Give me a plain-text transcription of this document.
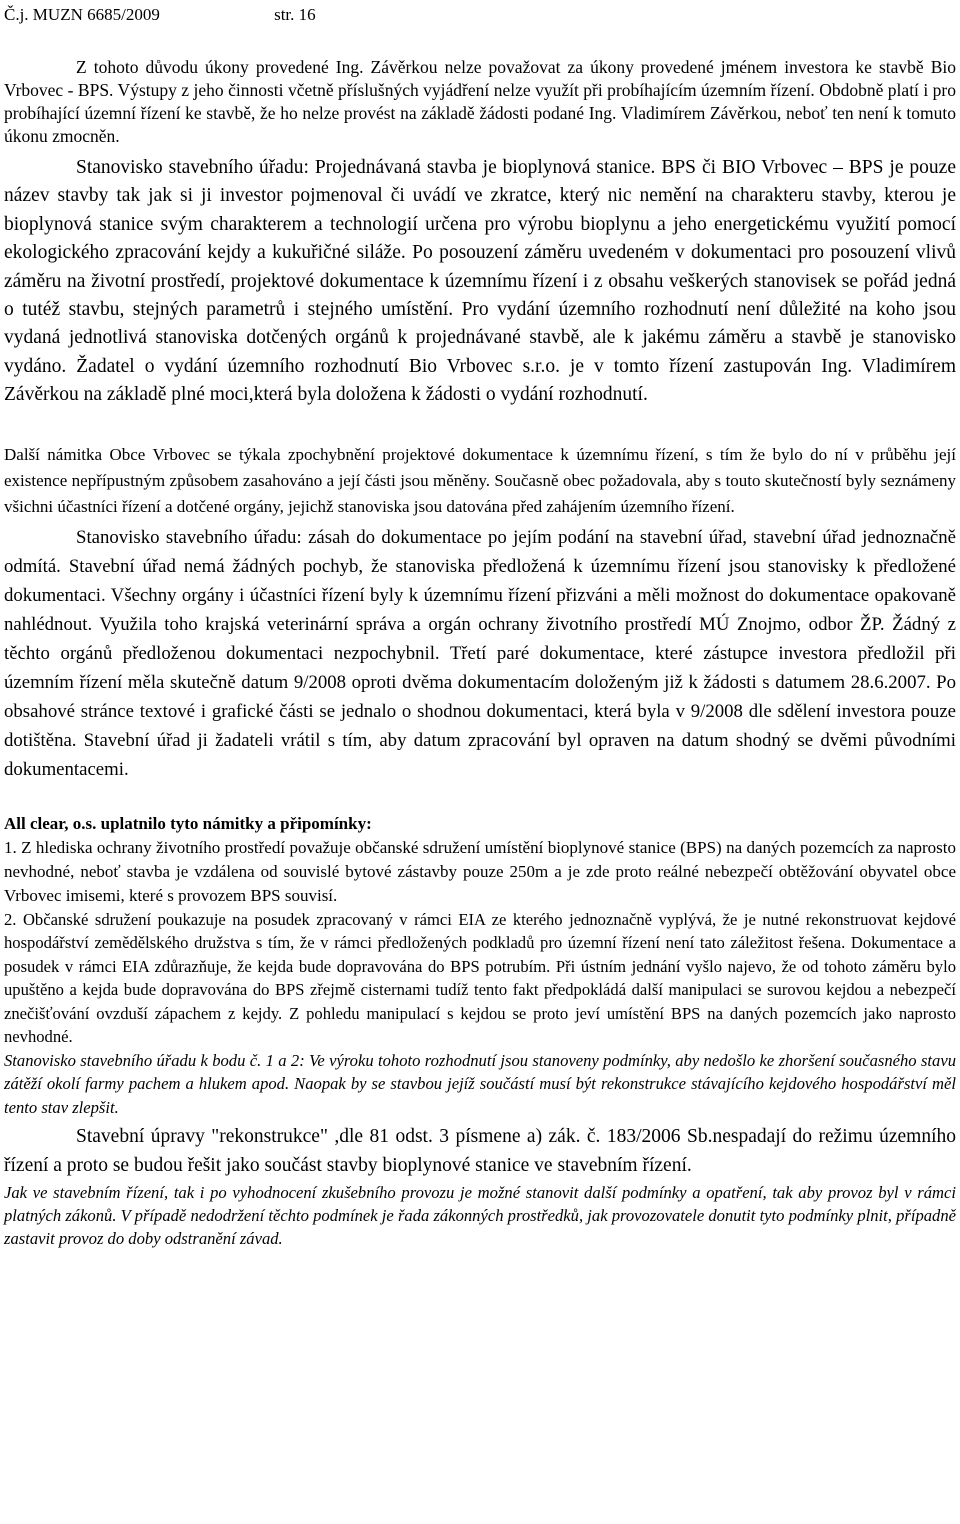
Č.j. MUZN 6685/2009	str. 16

Z tohoto důvodu úkony provedené Ing. Závěrkou nelze považovat za úkony provedené jménem investora ke stavbě Bio Vrbovec - BPS. Výstupy z jeho činnosti včetně příslušných vyjádření nelze využít při probíhajícím územním řízení. Obdobně platí i pro probíhající územní řízení ke stavbě, že ho nelze provést na základě žádosti podané Ing. Vladimírem Závěrkou, neboť ten není k tomuto úkonu zmocněn.

Stanovisko stavebního úřadu: Projednávaná stavba je bioplynová stanice. BPS či BIO Vrbovec – BPS je pouze název stavby tak jak si ji investor pojmenoval či uvádí ve zkratce, který nic nemění na charakteru stavby, kterou je bioplynová stanice svým charakterem a technologií určena pro výrobu bioplynu a jeho energetickému využití pomocí ekologického zpracování kejdy a kukuřičné siláže. Po posouzení záměru uvedeném v dokumentaci pro posouzení vlivů záměru na životní prostředí, projektové dokumentace k územnímu řízení i z obsahu veškerých stanovisek se pořád jedná o tutéž stavbu, stejných parametrů i stejného umístění. Pro vydání územního rozhodnutí není důležité na koho jsou vydaná jednotlivá stanoviska dotčených orgánů k projednávané stavbě, ale k jakému záměru a stavbě je stanovisko vydáno. Žadatel o vydání územního rozhodnutí Bio Vrbovec s.r.o. je v tomto řízení zastupován Ing. Vladimírem Závěrkou na základě plné moci,která byla doložena k žádosti o vydání rozhodnutí.

Další námitka Obce Vrbovec se týkala zpochybnění projektové dokumentace k územnímu řízení, s tím že bylo do ní v průběhu její existence nepřípustným způsobem zasahováno a její části jsou měněny. Současně obec požadovala, aby s touto skutečností byly seznámeny všichni účastníci řízení a dotčené orgány, jejichž stanoviska jsou datována před zahájením územního řízení.

Stanovisko stavebního úřadu: zásah do dokumentace po jejím podání na stavební úřad, stavební úřad jednoznačně odmítá. Stavební úřad nemá žádných pochyb, že stanoviska předložená k územnímu řízení jsou stanovisky k předložené dokumentaci. Všechny orgány i účastníci řízení byly k územnímu řízení přizváni a měli možnost do dokumentace opakovaně nahlédnout. Využila toho krajská veterinární správa a orgán ochrany životního prostředí MÚ Znojmo, odbor ŽP. Žádný z těchto orgánů předloženou dokumentaci nezpochybnil. Třetí paré dokumentace, které zástupce investora předložil při územním řízení měla skutečně datum 9/2008 oproti dvěma dokumentacím doloženým již k žádosti s datumem 28.6.2007. Po obsahové stránce textové i grafické části se jednalo o shodnou dokumentaci, která byla v 9/2008 dle sdělení investora pouze dotištěna. Stavební úřad ji žadateli vrátil s tím, aby datum zpracování byl opraven na datum shodný se dvěmi původními dokumentacemi.

All clear, o.s. uplatnilo tyto námitky a připomínky:

1. Z hlediska ochrany životního prostředí považuje občanské sdružení umístění bioplynové stanice (BPS) na daných pozemcích za naprosto nevhodné, neboť stavba je vzdálena od souvislé bytové zástavby pouze 250m a je zde proto reálné nebezpečí obtěžování obyvatel obce Vrbovec imisemi, které s provozem BPS souvisí.

2. Občanské sdružení poukazuje na posudek zpracovaný v rámci EIA ze kterého jednoznačně vyplývá, že je nutné rekonstruovat kejdové hospodářství zemědělského družstva s tím, že v rámci předložených podkladů pro územní řízení není tato záležitost řešena. Dokumentace a posudek v rámci EIA zdůrazňuje, že kejda bude dopravována do BPS potrubím. Při ústním jednání vyšlo najevo, že od tohoto záměru bylo upuštěno a kejda bude dopravována do BPS zřejmě cisternami tudíž tento fakt předpokládá další manipulaci se surovou kejdou a nebezpečí znečišťování ovzduší zápachem z kejdy. Z pohledu manipulací s kejdou se proto jeví umístění BPS na daných pozemcích jako naprosto nevhodné.

Stanovisko stavebního úřadu k bodu č. 1 a 2: Ve výroku tohoto rozhodnutí jsou stanoveny podmínky, aby nedošlo ke zhoršení současného stavu zátěží okolí farmy pachem a hlukem apod. Naopak by se stavbou jejíž součástí musí být rekonstrukce stávajícího kejdového hospodářství měl tento stav zlepšit.

Stavební úpravy "rekonstrukce" ,dle 81 odst. 3 písmene a) zák. č. 183/2006 Sb.nespadají do režimu územního řízení a proto se budou řešit jako součást stavby bioplynové stanice ve stavebním řízení.

Jak ve stavebním řízení, tak i po vyhodnocení zkušebního provozu je možné stanovit další podmínky a opatření, tak aby provoz byl v rámci platných zákonů. V případě nedodržení těchto podmínek je řada zákonných prostředků, jak provozovatele donutit tyto podmínky plnit, případně zastavit provoz do doby odstranění závad.
